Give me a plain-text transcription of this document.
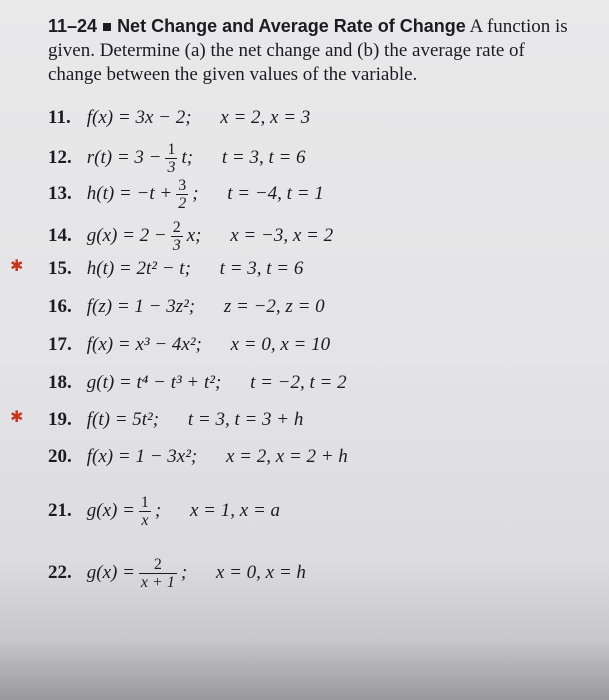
11–24 Net Change and Average Rate of Change A function is
given. Determine (a) the net change and (b) the average rate of
change between the given values of the variable.
11. f(x) = 3x − 2; x = 2, x = 3
12. $r(t) = 3 - \frac{1}{3} t$; t = 3, t = 6
13. $h(t) = -t + \frac{3}{2}$ ; t = −4, t = 1
14. $g(x) = 2 - \frac{2}{3} x$; x = −3, x = 2
✱ 15. h(t) = 2t² − t; t = 3, t = 6
16. f(z) = 1 − 3z²; z = −2, z = 0
17. f(x) = x³ − 4x²; x = 0, x = 10
18. g(t) = t⁴ − t³ + t²; t = −2, t = 2
✱ 19. f(t) = 5t²; t = 3, t = 3 + h
20. f(x) = 1 − 3x²; x = 2, x = 2 + h
21. $g(x) = \frac{1}{x}$ ; x = 1, x = a
22. $g(x) = \frac{2}{x + 1}$ ; x = 0, x = h
